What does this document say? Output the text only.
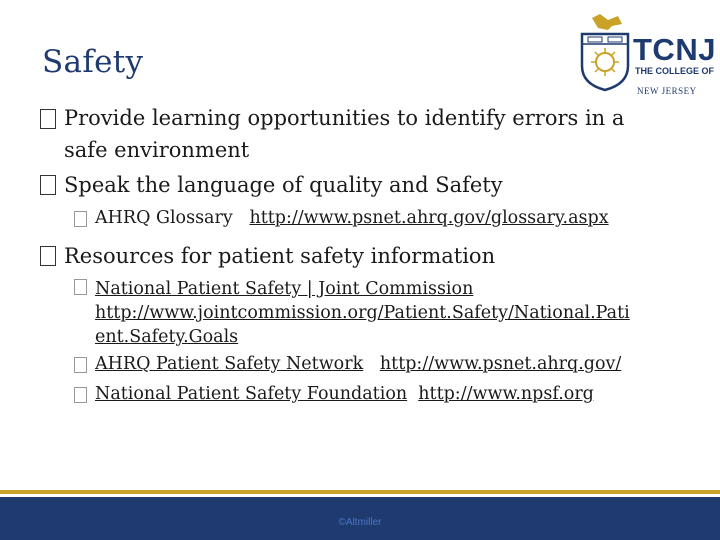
Safety	TCNJ
THE COLLEGE OF
NEW JERSEY
Provide learning opportunities to identify errors in a
safe environment
Speak the language of quality and Safety
AHRQ Glossary http://www.psnet.ahrq.gov/glossary.aspx
Resources for patient safety information
National Patient Safety | Joint Commission
http://www.jointcommission.org/Patient.Safety/National.Pati
ent.Safety.Goals
AHRQ Patient Safety Network http://www.psnet.ahrq.gov/
National Patient Safety Foundation http://www.npsf.org
©Altmiller
